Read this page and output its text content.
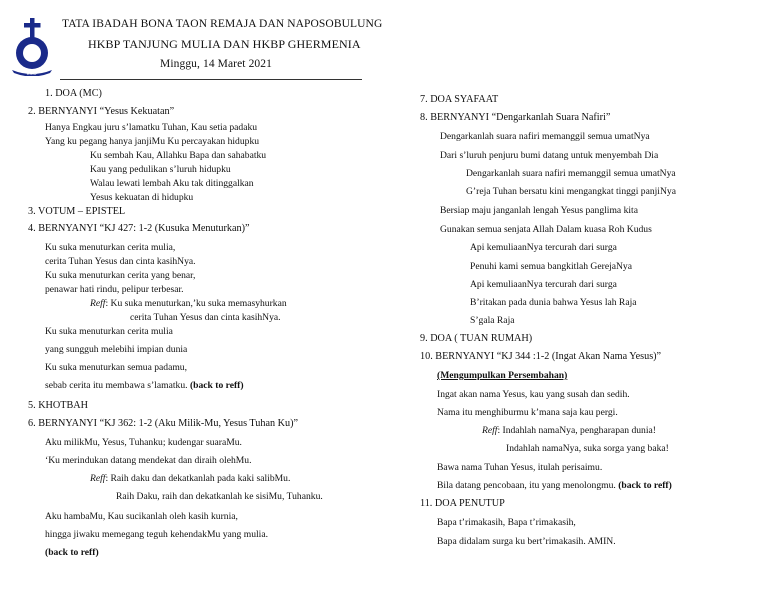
HKBP
TATA IBADAH BONA TAON REMAJA DAN NAPOSOBULUNG
HKBP TANJUNG MULIA DAN HKBP GHERMENIA
Minggu, 14 Maret 2021
1. DOA (MC)
2. BERNYANYI “Yesus Kekuatan”
Hanya Engkau juru s’lamatku Tuhan, Kau setia padaku
Yang ku pegang hanya janjiMu Ku percayakan hidupku
Ku sembah Kau, Allahku Bapa dan sahabatku
Kau yang pedulikan s’luruh hidupku
Walau lewati lembah Aku tak ditinggalkan
Yesus kekuatan di hidupku
3. VOTUM – EPISTEL
4. BERNYANYI “KJ 427: 1-2 (Kusuka Menuturkan)”
Ku suka menuturkan cerita mulia,
cerita Tuhan Yesus dan cinta kasihNya.
Ku suka menuturkan cerita yang benar,
penawar hati rindu, pelipur terbesar.
Reff: Ku suka menuturkan,’ku suka memasyhurkan
cerita Tuhan Yesus dan cinta kasihNya.
Ku suka menuturkan cerita mulia
yang sungguh melebihi impian dunia
Ku suka menuturkan semua padamu,
sebab cerita itu membawa s’lamatku. (back to reff)
5. KHOTBAH
6. BERNYANYI “KJ 362: 1-2 (Aku Milik-Mu, Yesus Tuhan Ku)”
Aku milikMu, Yesus, Tuhanku; kudengar suaraMu.
‘Ku merindukan datang mendekat dan diraih olehMu.
Reff: Raih daku dan dekatkanlah pada kaki salibMu.
Raih Daku, raih dan dekatkanlah ke sisiMu, Tuhanku.
Aku hambaMu, Kau sucikanlah oleh kasih kurnia,
hingga jiwaku memegang teguh kehendakMu yang mulia.
(back to reff)
7. DOA SYAFAAT
8. BERNYANYI “Dengarkanlah Suara Nafiri”
Dengarkanlah suara nafiri memanggil semua umatNya
Dari s’luruh penjuru bumi datang untuk menyembah Dia
Dengarkanlah suara nafiri memanggil semua umatNya
G’reja Tuhan bersatu kini mengangkat tinggi panjiNya
Bersiap maju janganlah lengah Yesus panglima kita
Gunakan semua senjata Allah Dalam kuasa Roh Kudus
Api kemuliaanNya tercurah dari surga
Penuhi kami semua bangkitlah GerejaNya
Api kemuliaanNya tercurah dari surga
B’ritakan pada dunia bahwa Yesus lah Raja
S’gala Raja
9. DOA ( TUAN RUMAH)
10. BERNYANYI “KJ 344 :1-2 (Ingat Akan Nama Yesus)”
(Mengumpulkan Persembahan)
Ingat akan nama Yesus, kau yang susah dan sedih.
Nama itu menghiburmu k’mana saja kau pergi.
Reff: Indahlah namaNya, pengharapan dunia!
Indahlah namaNya, suka sorga yang baka!
Bawa nama Tuhan Yesus, itulah perisaimu.
Bila datang pencobaan, itu yang menolongmu. (back to reff)
11. DOA PENUTUP
Bapa t’rimakasih, Bapa t’rimakasih,
Bapa didalam surga ku bert’rimakasih. AMIN.
